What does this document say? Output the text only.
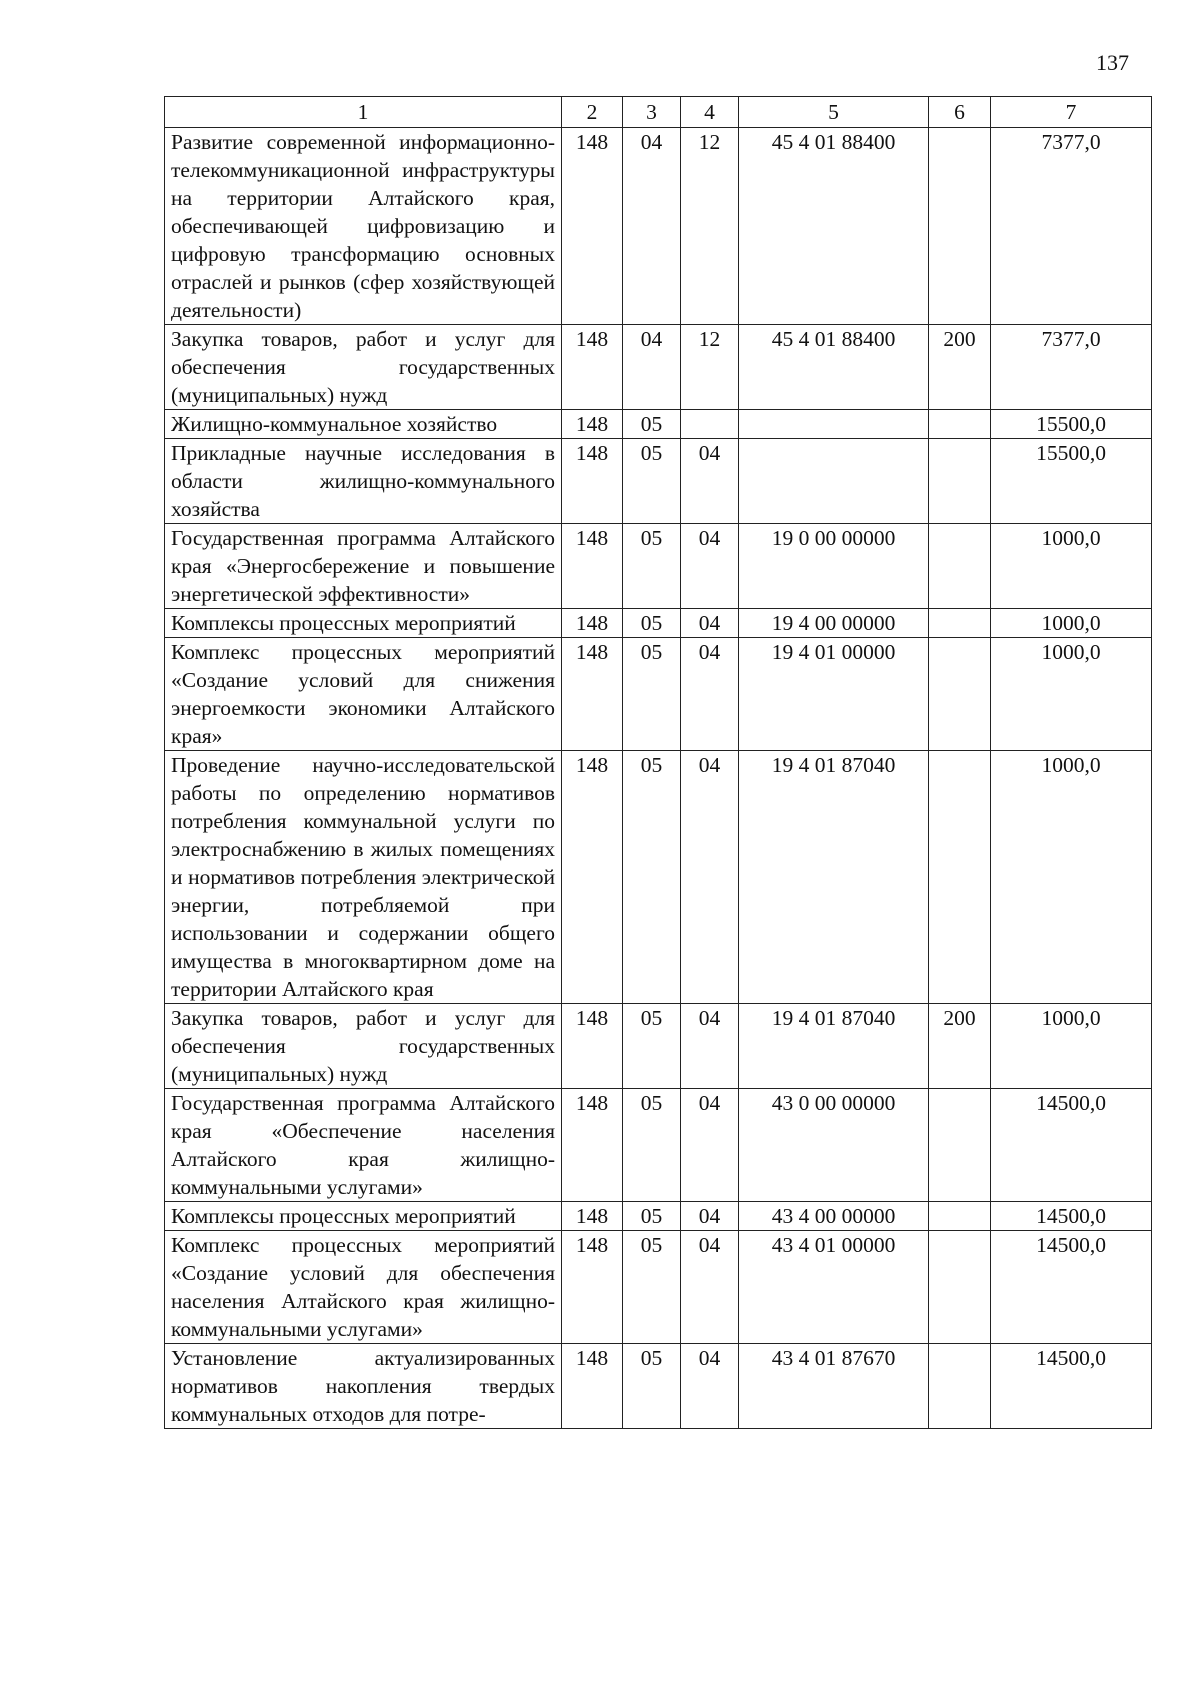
137
1	2	3	4	5	6	7
Развитие современной информационно-телекоммуникационной инфраструктуры на территории Алтайского края, обеспечивающей цифровизацию и цифровую трансформацию основных отраслей и рынков (сфер хозяйствующей деятельности)	148	04	12	45 4 01 88400		7377,0
Закупка товаров, работ и услуг для обеспечения государственных (муниципальных) нужд	148	04	12	45 4 01 88400	200	7377,0
Жилищно-коммунальное хозяйство	148	05				15500,0
Прикладные научные исследования в области жилищно-коммунального хозяйства	148	05	04			15500,0
Государственная программа Алтайского края «Энергосбережение и повышение энергетической эффективности»	148	05	04	19 0 00 00000		1000,0
Комплексы процессных мероприятий	148	05	04	19 4 00 00000		1000,0
Комплекс процессных мероприятий «Создание условий для снижения энергоемкости экономики Алтайского края»	148	05	04	19 4 01 00000		1000,0
Проведение научно-исследовательской работы по определению нормативов потребления коммунальной услуги по электроснабжению в жилых помещениях и нормативов потребления электрической энергии, потребляемой при использовании и содержании общего имущества в многоквартирном доме на территории Алтайского края	148	05	04	19 4 01 87040		1000,0
Закупка товаров, работ и услуг для обеспечения государственных (муниципальных) нужд	148	05	04	19 4 01 87040	200	1000,0
Государственная программа Алтайского края «Обеспечение населения Алтайского края жилищно-коммунальными услугами»	148	05	04	43 0 00 00000		14500,0
Комплексы процессных мероприятий	148	05	04	43 4 00 00000		14500,0
Комплекс процессных мероприятий «Создание условий для обеспечения населения Алтайского края жилищно-коммунальными услугами»	148	05	04	43 4 01 00000		14500,0
Установление актуализированных нормативов накопления твердых коммунальных отходов для потре-	148	05	04	43 4 01 87670		14500,0
